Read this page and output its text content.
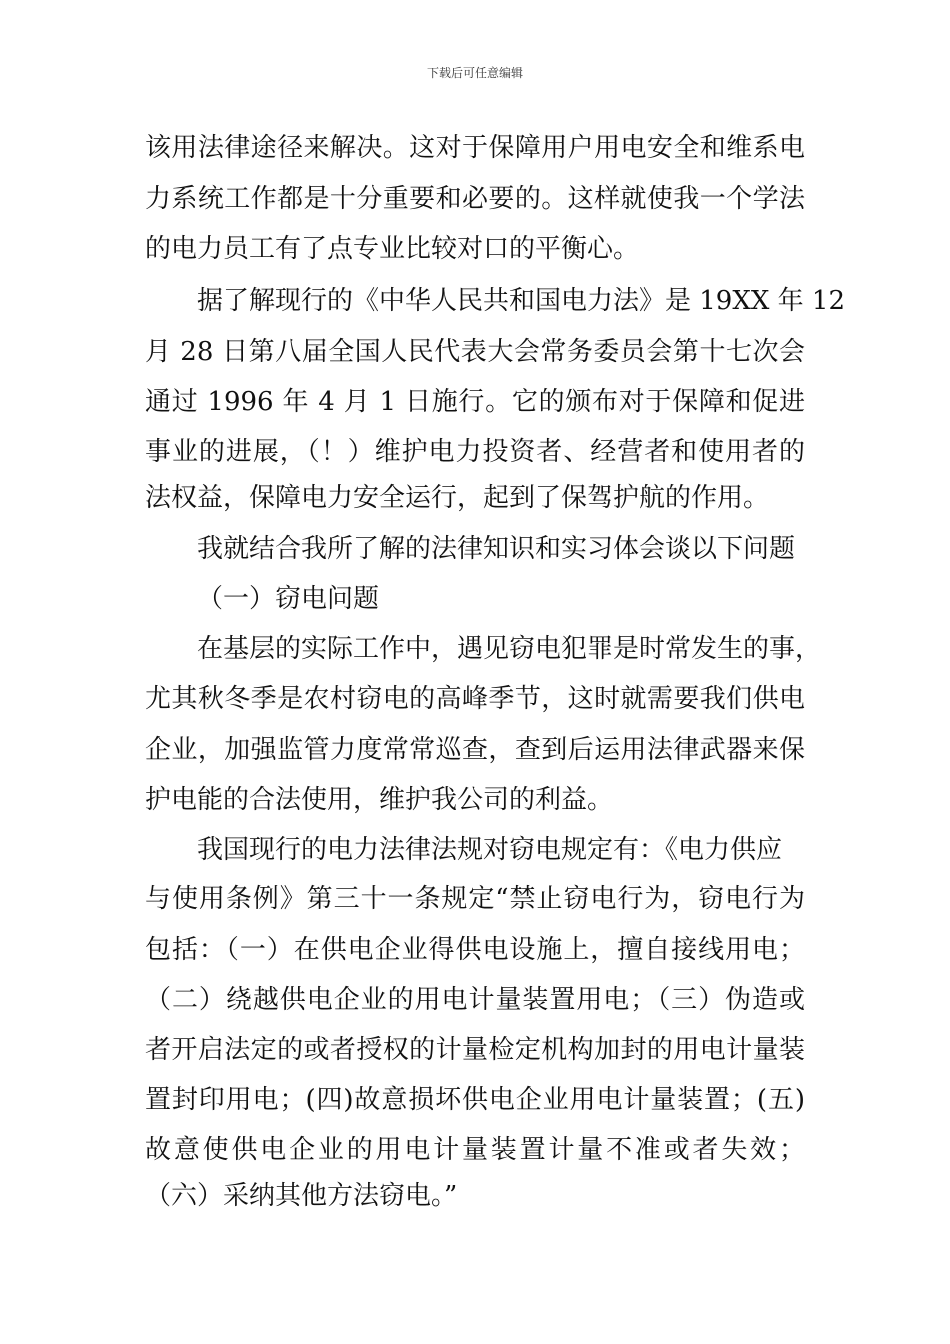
下载后可任意编辑
该用法律途径来解决。这对于保障用户用电安全和维系电
力系统工作都是十分重要和必要的。这样就使我一个学法
的电力员工有了点专业比较对口的平衡心。
据了解现行的《中华人民共和国电力法》是 19XX 年 12
月 28 日第八届全国人民代表大会常务委员会第十七次会
通过 1996 年 4 月 1 日施行。它的颁布对于保障和促进
事业的进展，（！）维护电力投资者、经营者和使用者的
法权益，保障电力安全运行，起到了保驾护航的作用。
我就结合我所了解的法律知识和实习体会谈以下问题
（一）窃电问题
在基层的实际工作中，遇见窃电犯罪是时常发生的事，
尤其秋冬季是农村窃电的高峰季节，这时就需要我们供电
企业，加强监管力度常常巡查，查到后运用法律武器来保
护电能的合法使用，维护我公司的利益。
我国现行的电力法律法规对窃电规定有：《电力供应
与使用条例》第三十一条规定“禁止窃电行为，窃电行为
包括：（一）在供电企业得供电设施上，擅自接线用电；
（二）绕越供电企业的用电计量装置用电；（三）伪造或
者开启法定的或者授权的计量检定机构加封的用电计量装
置封印用电；(四)故意损坏供电企业用电计量装置；(五)
故意使供电企业的用电计量装置计量不准或者失效；
（六）采纳其他方法窃电。”
